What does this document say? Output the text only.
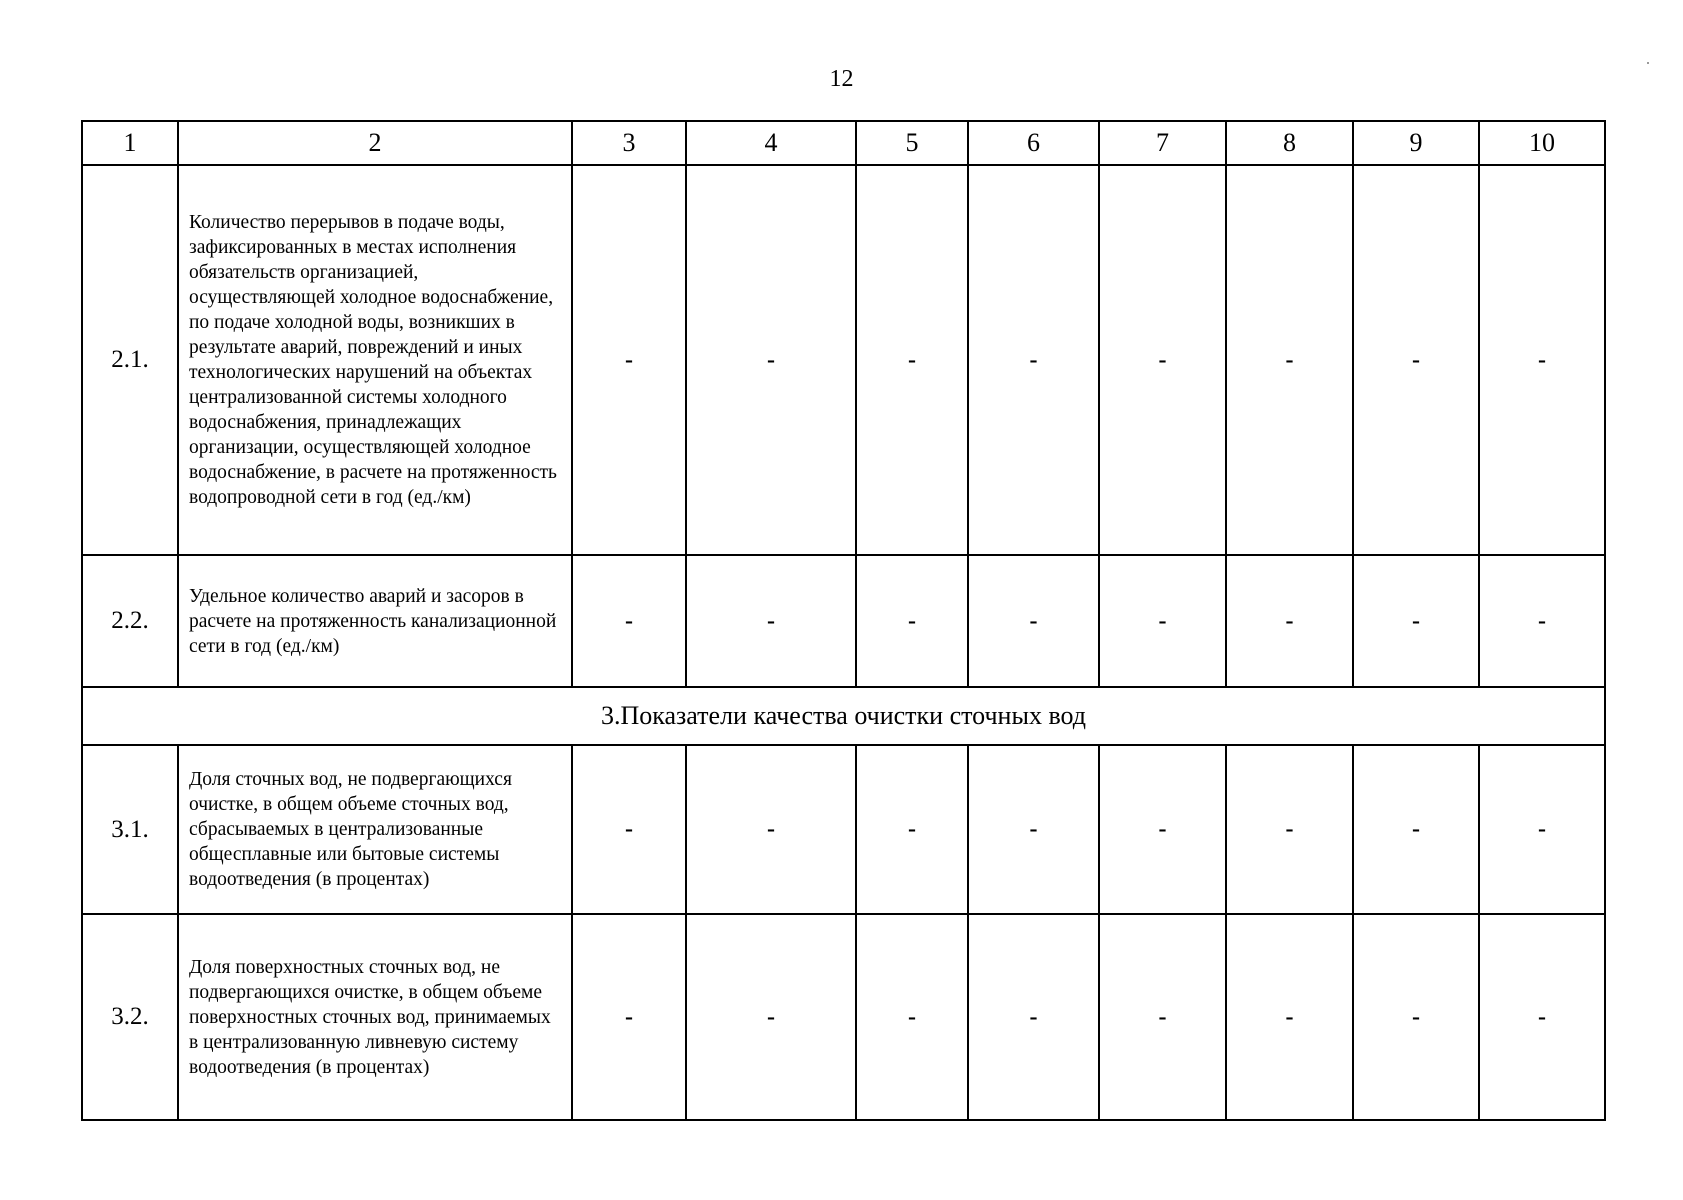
12
1	2	3	4	5	6	7	8	9	10
2.1.	Количество перерывов в подаче воды, зафиксированных в местах исполнения обязательств организацией, осуществляющей холодное водоснабжение, по подаче холодной воды, возникших в результате аварий, повреждений и иных технологических нарушений на объектах централизованной системы холодного водоснабжения, принадлежащих организации, осуществляющей холодное водоснабжение, в расчете на протяженность водопроводной сети в год (ед./км)	-	-	-	-	-	-	-	-
2.2.	Удельное количество аварий и засоров в расчете на протяженность канализационной сети в год (ед./км)	-	-	-	-	-	-	-	-
3.Показатели качества очистки сточных вод									
3.1.	Доля сточных вод, не подвергающихся очистке, в общем объеме сточных вод, сбрасываемых в централизованные общесплавные или бытовые системы водоотведения (в процентах)	-	-	-	-	-	-	-	-
3.2.	Доля поверхностных сточных вод, не подвергающихся очистке, в общем объеме поверхностных сточных вод, принимаемых в централизованную ливневую систему водоотведения (в процентах)	-	-	-	-	-	-	-	-
